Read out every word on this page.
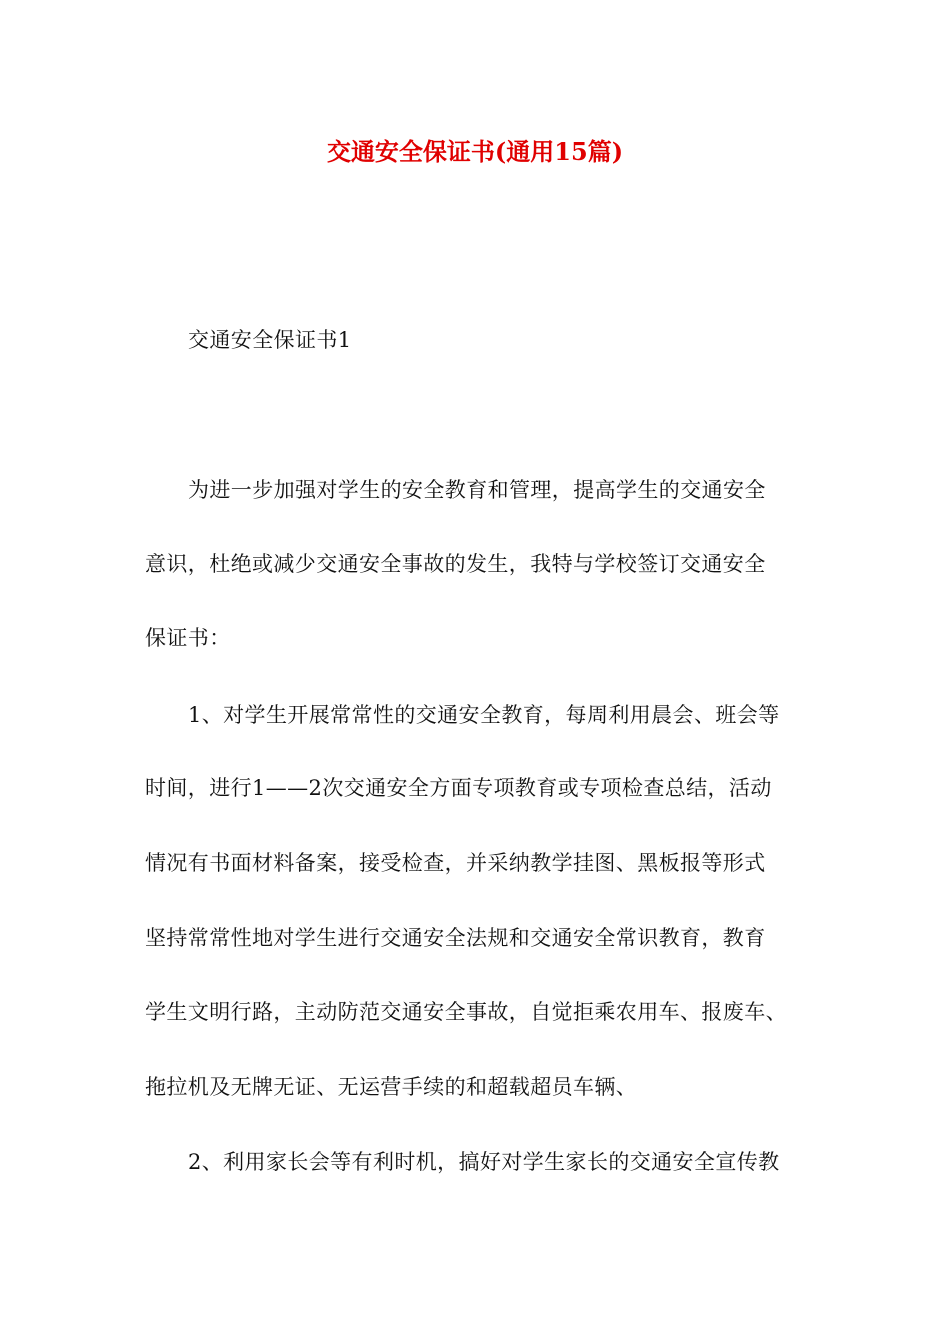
交通安全保证书(通用15篇)
交通安全保证书1
为进一步加强对学生的安全教育和管理，提高学生的交通安全
意识，杜绝或减少交通安全事故的发生，我特与学校签订交通安全
保证书：
1、对学生开展常常性的交通安全教育，每周利用晨会、班会等
时间，进行1——2次交通安全方面专项教育或专项检查总结，活动
情况有书面材料备案，接受检查，并采纳教学挂图、黑板报等形式
坚持常常性地对学生进行交通安全法规和交通安全常识教育，教育
学生文明行路，主动防范交通安全事故，自觉拒乘农用车、报废车、
拖拉机及无牌无证、无运营手续的和超载超员车辆、
2、利用家长会等有利时机，搞好对学生家长的交通安全宣传教
